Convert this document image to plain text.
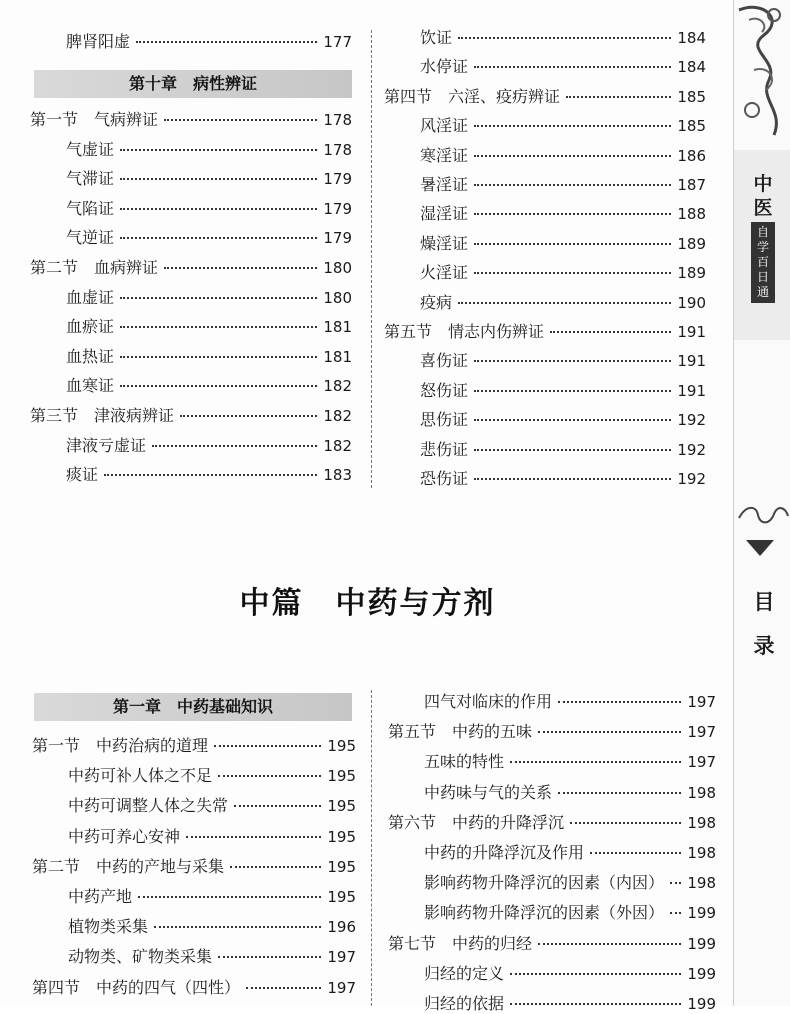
脾肾阳虚	177
第一节　气病辨证	178
气虚证	178
气滞证	179
气陷证	179
气逆证	179
第二节　血病辨证	180
血虚证	180
血瘀证	181
血热证	181
血寒证	182
第三节　津液病辨证	182
津液亏虚证	182
痰证	183
第十章　病性辨证
饮证	184
水停证	184
第四节　六淫、疫疠辨证	185
风淫证	185
寒淫证	186
暑淫证	187
湿淫证	188
燥淫证	189
火淫证	189
疫病	190
第五节　情志内伤辨证	191
喜伤证	191
怒伤证	191
思伤证	192
悲伤证	192
恐伤证	192
中篇　中药与方剂
第一章　中药基础知识
第一节　中药治病的道理	195
中药可补人体之不足	195
中药可调整人体之失常	195
中药可养心安神	195
第二节　中药的产地与采集	195
中药产地	195
植物类采集	196
动物类、矿物类采集	197
第四节　中药的四气（四性）	197
四气对临床的作用	197
第五节　中药的五味	197
五味的特性	197
中药味与气的关系	198
第六节　中药的升降浮沉	198
中药的升降浮沉及作用	198
影响药物升降浮沉的因素（内因） 198
影响药物升降浮沉的因素（外因） 199
第七节　中药的归经	199
归经的定义	199
归经的依据	199
中
医
自
学
百
日
通
目
录
